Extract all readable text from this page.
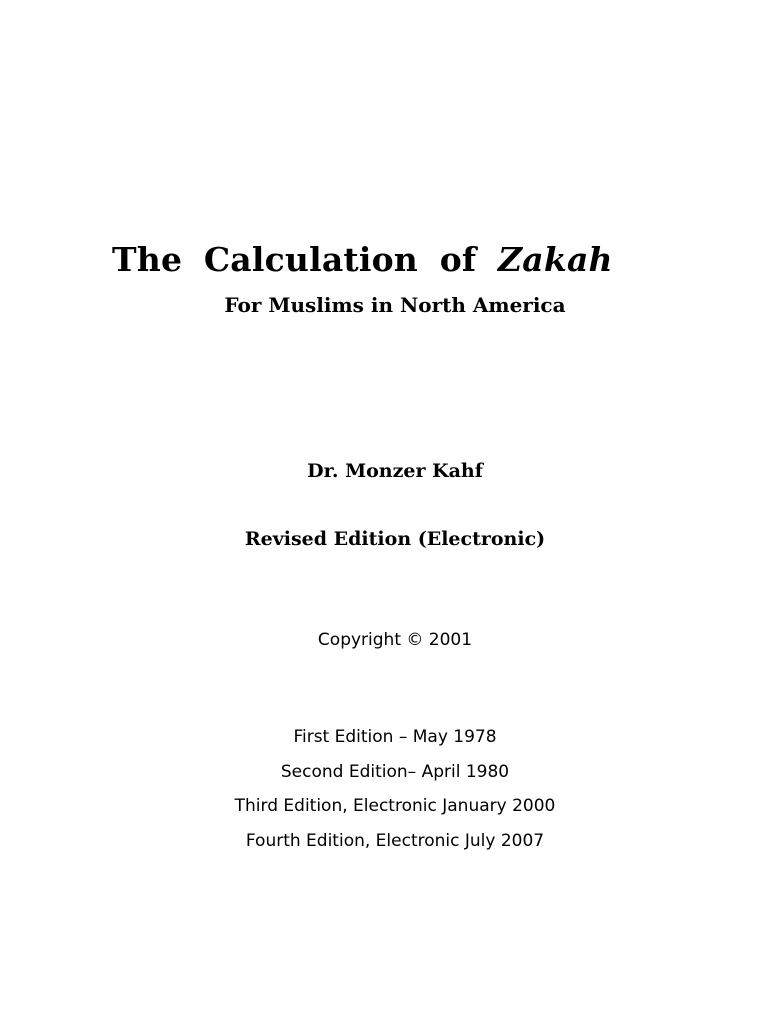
The Calculation of Zakah
For Muslims in North America
Dr. Monzer Kahf
Revised Edition (Electronic)
Copyright © 2001
First Edition – May 1978
Second Edition– April 1980
Third Edition, Electronic January 2000
Fourth Edition, Electronic July 2007
